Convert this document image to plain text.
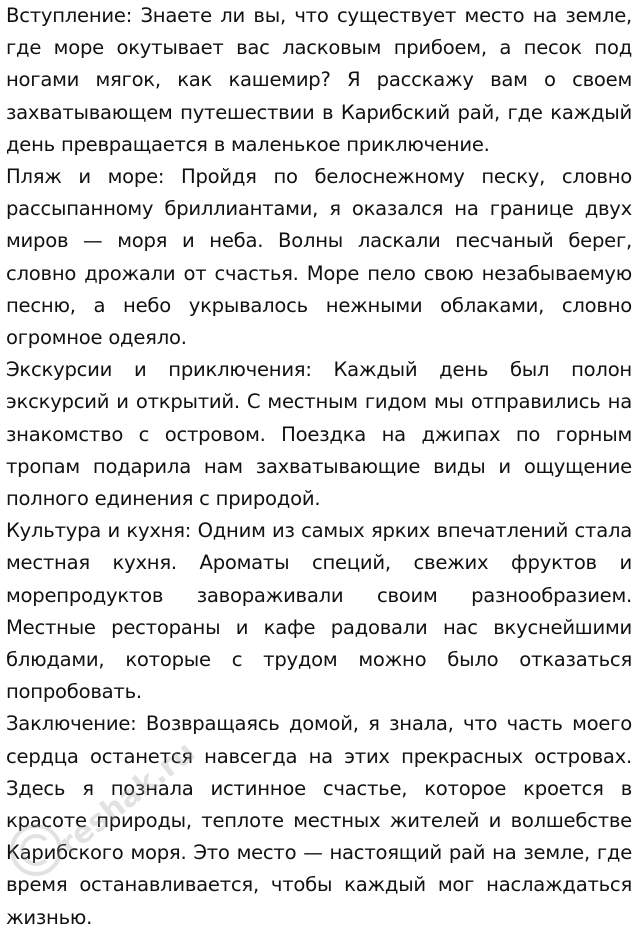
Вступление: Знаете ли вы, что существует место на земле, где море окутывает вас ласковым прибоем, а песок под ногами мягок, как кашемир? Я расскажу вам о своем захватывающем путешествии в Карибский рай, где каждый день превращается в маленькое приключение.

Пляж и море: Пройдя по белоснежному песку, словно рассыпанному бриллиантами, я оказался на границе двух миров — моря и неба. Волны ласкали песчаный берег, словно дрожали от счастья. Море пело свою незабываемую песню, а небо укрывалось нежными облаками, словно огромное одеяло.

Экскурсии и приключения: Каждый день был полон экскурсий и открытий. С местным гидом мы отправились на знакомство с островом. Поездка на джипах по горным тропам подарила нам захватывающие виды и ощущение полного единения с природой.

Культура и кухня: Одним из самых ярких впечатлений стала местная кухня. Ароматы специй, свежих фруктов и морепродуктов завораживали своим разнообразием. Местные рестораны и кафе радовали нас вкуснейшими блюдами, которые с трудом можно было отказаться попробовать.

Заключение: Возвращаясь домой, я знала, что часть моего сердца останется навсегда на этих прекрасных островах. Здесь я познала истинное счастье, которое кроется в красоте природы, теплоте местных жителей и волшебстве Карибского моря. Это место — настоящий рай на земле, где время останавливается, чтобы каждый мог наслаждаться жизнью.

reshak.ru
